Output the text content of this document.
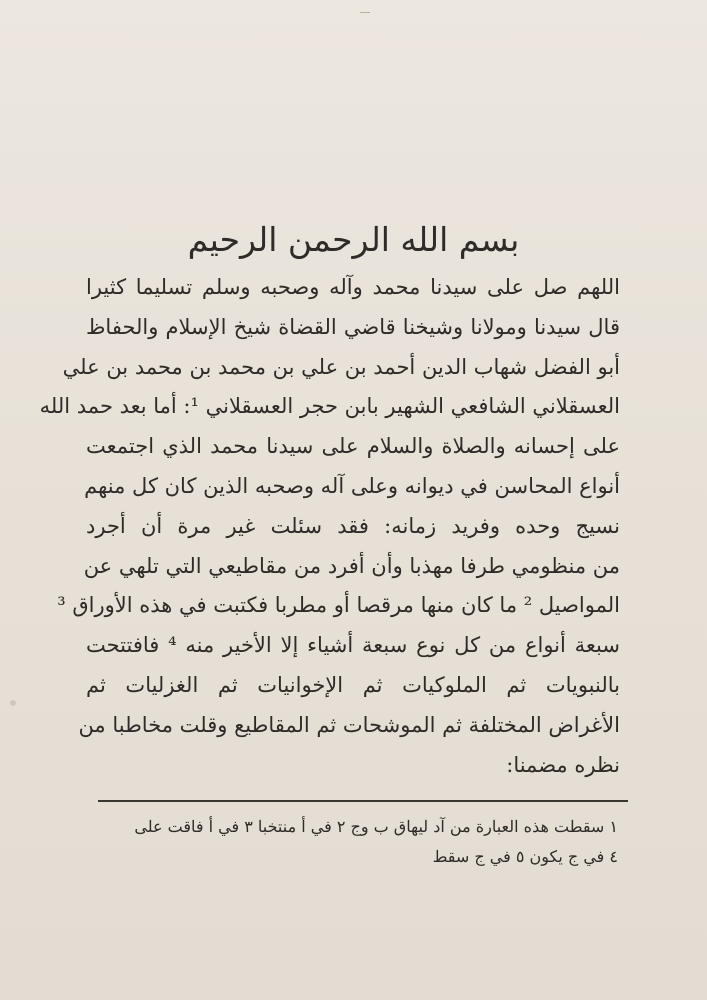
بسم الله الرحمن الرحيم
اللهم صل على سيدنا محمد وآله وصحبه وسلم تسليما كثيرا
قال سيدنا ومولانا وشيخنا قاضي القضاة شيخ الإسلام والحفاظ
أبو الفضل شهاب الدين أحمد بن علي بن محمد بن محمد بن علي
العسقلاني الشافعي الشهير بابن حجر العسقلاني ¹: أما بعد حمد الله
على إحسانه والصلاة والسلام على سيدنا محمد الذي اجتمعت
أنواع المحاسن في ديوانه وعلى آله وصحبه الذين كان كل منهم
نسيج وحده وفريد زمانه: فقد سئلت غير مرة أن أجرد
من منظومي طرفا مهذبا وأن أفرد من مقاطيعي التي تلهي عن
المواصيل ² ما كان منها مرقصا أو مطربا فكتبت في هذه الأوراق ³
سبعة أنواع من كل نوع سبعة أشياء إلا الأخير منه ⁴ فافتتحت
بالنبويات ثم الملوكيات ثم الإخوانيات ثم الغزليات ثم
الأغراض المختلفة ثم الموشحات ثم المقاطيع وقلت مخاطبا من
نظره مضمنا:
١ سقطت هذه العبارة من آد ليهاق ب وج ٢ في أ منتخبا ٣ في أ فاقت على
٤ في ج يكون ٥ في ج سقط
